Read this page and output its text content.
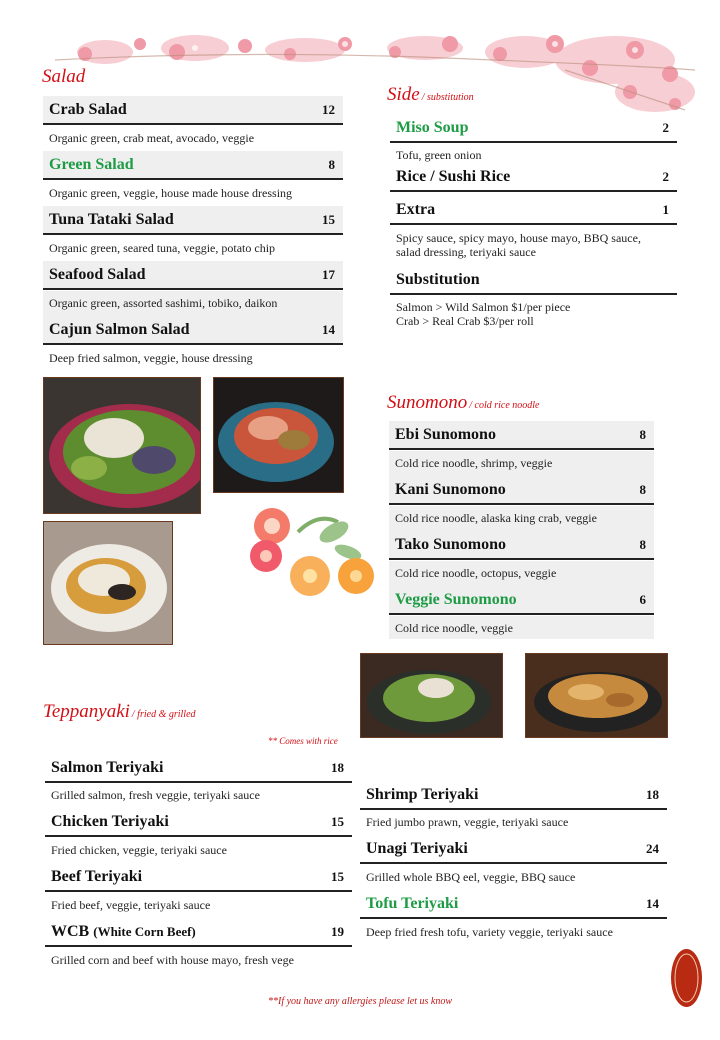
Salad
Crab Salad	12
Organic green, crab meat, avocado, veggie
Green Salad	8
Organic green, veggie, house made house dressing
Tuna Tataki Salad	15
Organic green, seared tuna, veggie, potato chip
Seafood Salad	17
Organic green, assorted sashimi, tobiko, daikon
Cajun Salmon Salad	14
Deep fried salmon, veggie, house dressing
Side / substitution
Miso Soup	2
Tofu, green onion
Rice / Sushi Rice	2
Extra	1
Spicy sauce, spicy mayo, house mayo, BBQ sauce,
salad dressing, teriyaki sauce
Substitution
Salmon > Wild Salmon $1/per piece
Crab > Real Crab $3/per roll
Sunomono / cold rice noodle
Ebi Sunomono	8
Cold rice noodle, shrimp, veggie
Kani Sunomono	8
Cold rice noodle, alaska king crab, veggie
Tako Sunomono	8
Cold rice noodle, octopus, veggie
Veggie Sunomono	6
Cold rice noodle, veggie
Teppanyaki / fried & grilled
** Comes with rice
Salmon Teriyaki	18
Grilled salmon, fresh veggie, teriyaki sauce
Chicken Teriyaki	15
Fried chicken, veggie, teriyaki sauce
Beef Teriyaki	15
Fried beef, veggie, teriyaki sauce
WCB (White Corn Beef)	19
Grilled corn and beef with house mayo, fresh vege
Shrimp Teriyaki	18
Fried jumbo prawn, veggie, teriyaki sauce
Unagi Teriyaki	24
Grilled whole BBQ eel, veggie, BBQ sauce
Tofu Teriyaki	14
Deep fried fresh tofu, variety veggie, teriyaki sauce
**If you have any allergies please let us know
